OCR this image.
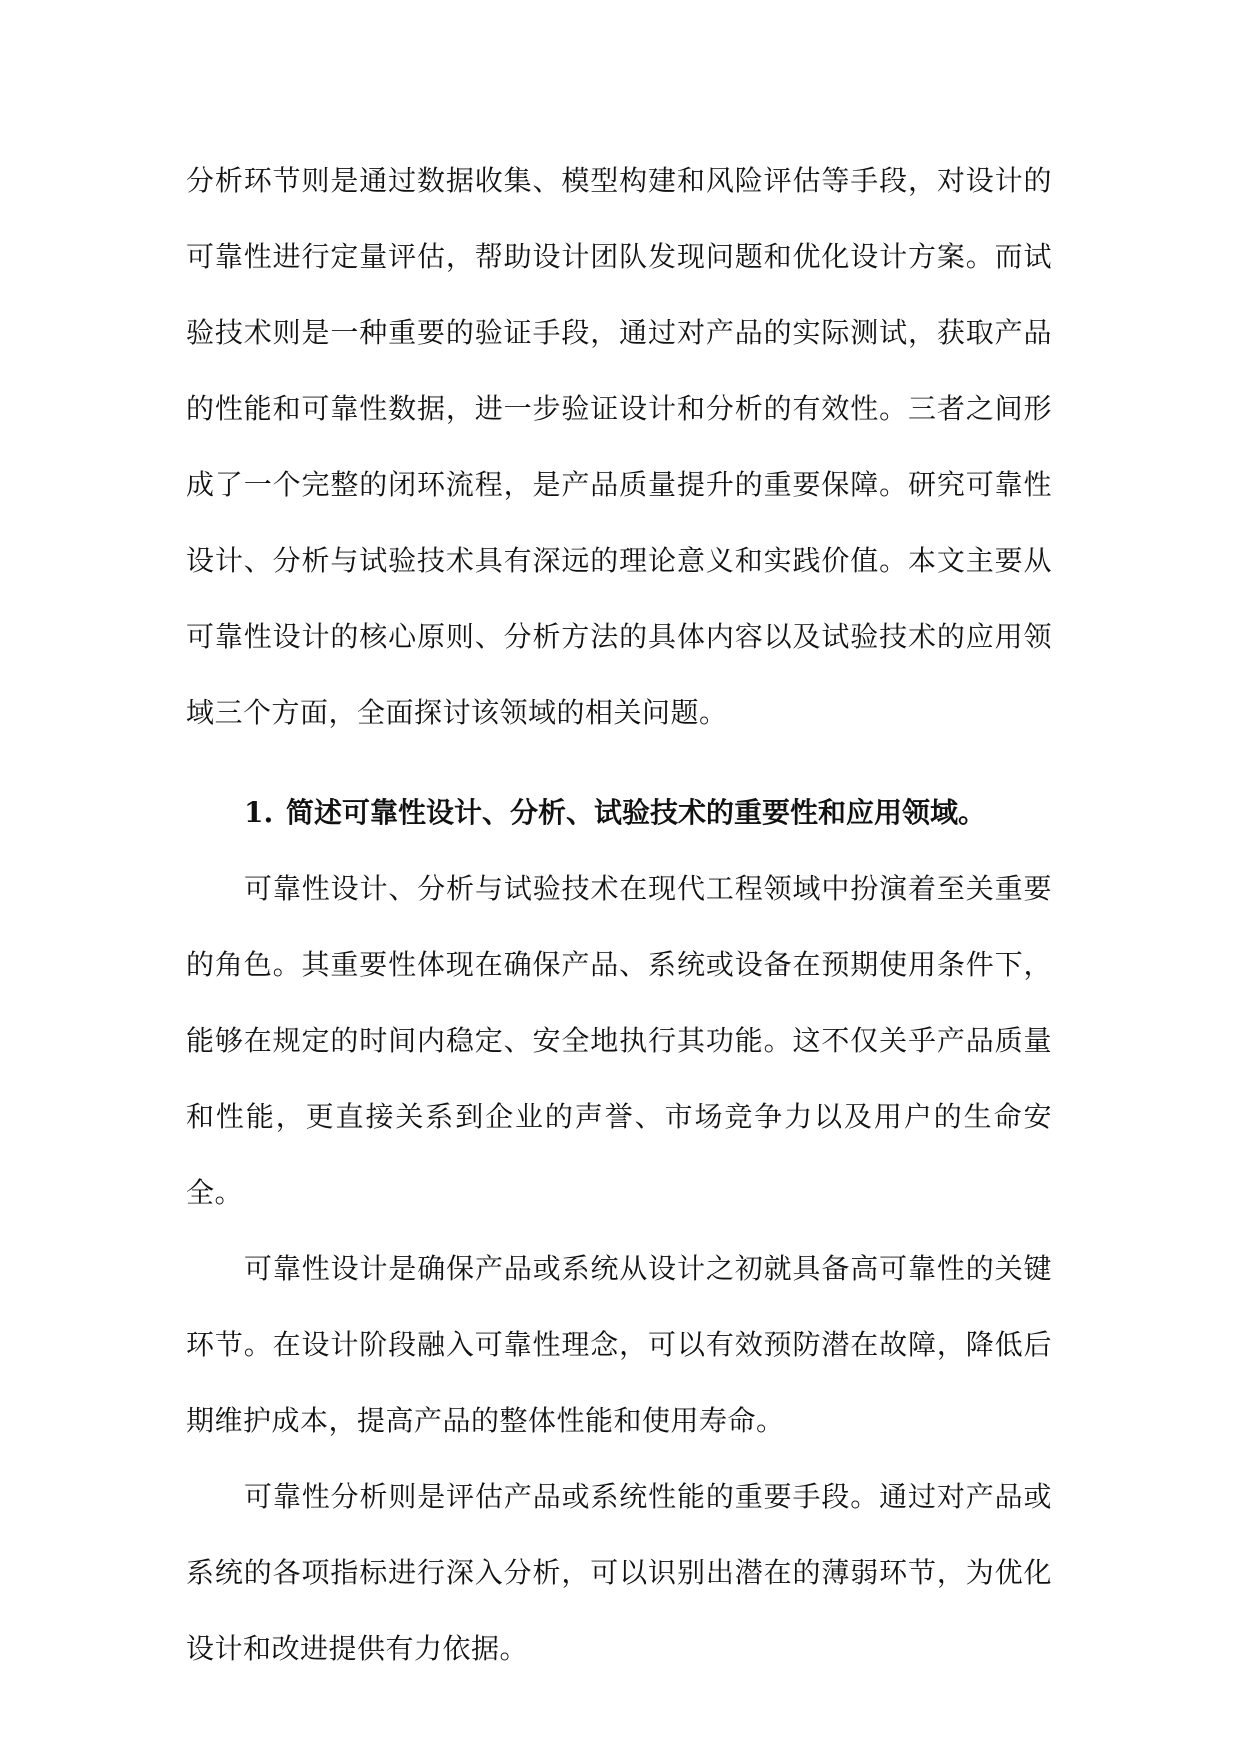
分析环节则是通过数据收集、模型构建和风险评估等手段，对设计的可靠性进行定量评估，帮助设计团队发现问题和优化设计方案。而试验技术则是一种重要的验证手段，通过对产品的实际测试，获取产品的性能和可靠性数据，进一步验证设计和分析的有效性。三者之间形成了一个完整的闭环流程，是产品质量提升的重要保障。研究可靠性设计、分析与试验技术具有深远的理论意义和实践价值。本文主要从可靠性设计的核心原则、分析方法的具体内容以及试验技术的应用领域三个方面，全面探讨该领域的相关问题。

1. 简述可靠性设计、分析、试验技术的重要性和应用领域。

可靠性设计、分析与试验技术在现代工程领域中扮演着至关重要的角色。其重要性体现在确保产品、系统或设备在预期使用条件下，能够在规定的时间内稳定、安全地执行其功能。这不仅关乎产品质量和性能，更直接关系到企业的声誉、市场竞争力以及用户的生命安全。

可靠性设计是确保产品或系统从设计之初就具备高可靠性的关键环节。在设计阶段融入可靠性理念，可以有效预防潜在故障，降低后期维护成本，提高产品的整体性能和使用寿命。

可靠性分析则是评估产品或系统性能的重要手段。通过对产品或系统的各项指标进行深入分析，可以识别出潜在的薄弱环节，为优化设计和改进提供有力依据。
